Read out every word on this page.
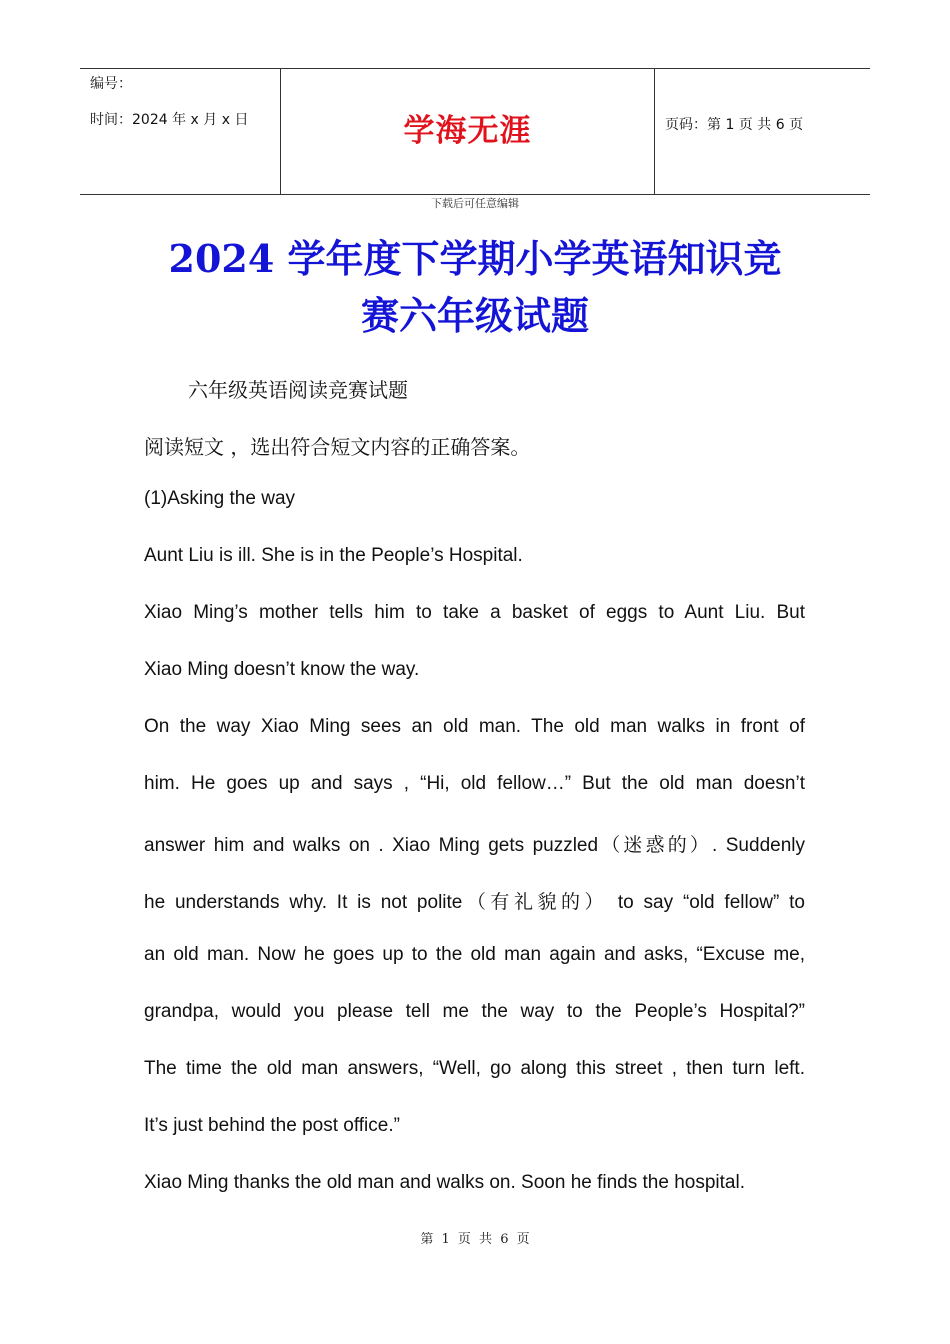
编号：
时间：2024 年 x 月 x 日	学海无涯	页码：第 1 页 共 6 页
下载后可任意编辑
2024 学年度下学期小学英语知识竞
赛六年级试题
六年级英语阅读竞赛试题
阅读短文 ，选出符合短文内容的正确答案。
(1)Asking the way
Aunt Liu is ill. She is in the People’s Hospital.
Xiao Ming’s mother tells him to take a basket of eggs to Aunt Liu. But
Xiao Ming doesn’t know the way.
On the way Xiao Ming sees an old man. The old man walks in front of
him. He goes up and says , “Hi, old fellow…” But the old man doesn’t
answer him and walks on . Xiao Ming gets puzzled（迷惑的）. Suddenly
he understands why. It is not polite（有礼貌的） to say “old fellow” to
an old man. Now he goes up to the old man again and asks, “Excuse me,
grandpa, would you please tell me the way to the People’s Hospital?”
The time the old man answers, “Well, go along this street , then turn left.
It’s just behind the post office.”
Xiao Ming thanks the old man and walks on. Soon he finds the hospital.
第 1 页 共 6 页
